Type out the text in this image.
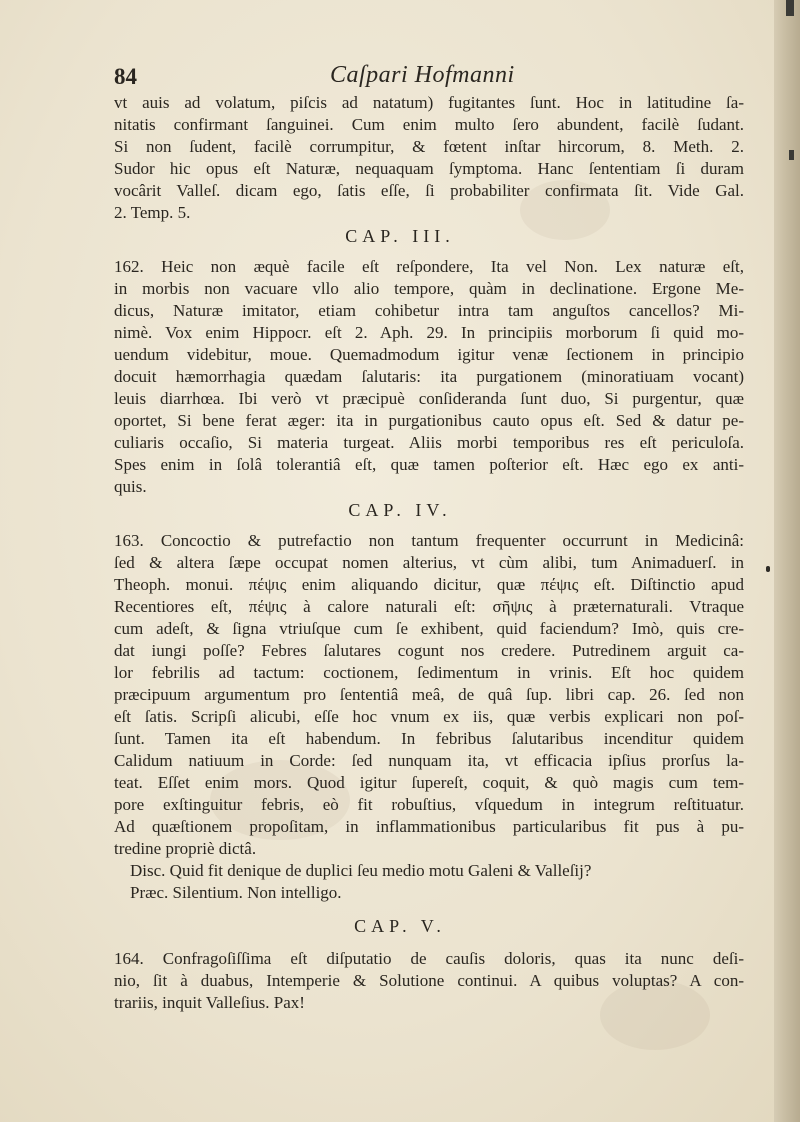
84	Caſpari Hofmanni
vt auis ad volatum, piſcis ad natatum) fugitantes ſunt. Hoc in latitudine ſa-
nitatis confirmant ſanguinei. Cum enim multo ſero abundent, facilè ſudant.
Si non ſudent, facilè corrumpitur, & fœtent inſtar hircorum, 8. Meth. 2.
Sudor hic opus eſt Naturæ, nequaquam ſymptoma. Hanc ſententiam ſi duram
vocârit Valleſ. dicam ego, ſatis eſſe, ſi probabiliter confirmata ſit. Vide Gal.
2. Temp. 5.
CAP. III.
162. Heic non æquè facile eſt reſpondere, Ita vel Non. Lex naturæ eſt,
in morbis non vacuare vllo alio tempore, quàm in declinatione. Ergone Me-
dicus, Naturæ imitator, etiam cohibetur intra tam anguſtos cancellos? Mi-
nimè. Vox enim Hippocr. eſt 2. Aph. 29. In principiis morborum ſi quid mo-
uendum videbitur, moue. Quemadmodum igitur venæ ſectionem in principio
docuit hæmorrhagia quædam ſalutaris: ita purgationem (minoratiuam vocant)
leuis diarrhœa. Ibi verò vt præcipuè conſideranda ſunt duo, Si purgentur, quæ
oportet, Si bene ferat æger: ita in purgationibus cauto opus eſt. Sed & datur pe-
culiaris occaſio, Si materia turgeat. Aliis morbi temporibus res eſt periculoſa.
Spes enim in ſolâ tolerantiâ eſt, quæ tamen poſterior eſt. Hæc ego ex anti-
quis.
CAP. IV.
163. Concoctio & putrefactio non tantum frequenter occurrunt in Medicinâ:
ſed & altera ſæpe occupat nomen alterius, vt cùm alibi, tum Animaduerſ. in
Theoph. monui. πέψις enim aliquando dicitur, quæ πέψις eſt. Diſtinctio apud
Recentiores eſt, πέψις à calore naturali eſt: σῆψις à præternaturali. Vtraque
cum adeſt, & ſigna vtriuſque cum ſe exhibent, quid faciendum? Imò, quis cre-
dat iungi poſſe? Febres ſalutares cogunt nos credere. Putredinem arguit ca-
lor febrilis ad tactum: coctionem, ſedimentum in vrinis. Eſt hoc quidem
præcipuum argumentum pro ſententiâ meâ, de quâ ſup. libri cap. 26. ſed non
eſt ſatis. Scripſi alicubi, eſſe hoc vnum ex iis, quæ verbis explicari non poſ-
ſunt. Tamen ita eſt habendum. In febribus ſalutaribus incenditur quidem
Calidum natiuum in Corde: ſed nunquam ita, vt efficacia ipſius prorſus la-
teat. Eſſet enim mors. Quod igitur ſupereſt, coquit, & quò magis cum tem-
pore exſtinguitur febris, eò fit robuſtius, vſquedum in integrum reſtituatur.
Ad quæſtionem propoſitam, in inflammationibus particularibus fit pus à pu-
tredine propriè dictâ.
Disc. Quid fit denique de duplici ſeu medio motu Galeni & Valleſij?
Præc. Silentium. Non intelligo.
CAP. V.
164. Confragoſiſſima eſt diſputatio de cauſis doloris, quas ita nunc deſi-
nio, ſit à duabus, Intemperie & Solutione continui. A quibus voluptas? A con-
trariis, inquit Valleſius. Pax!
